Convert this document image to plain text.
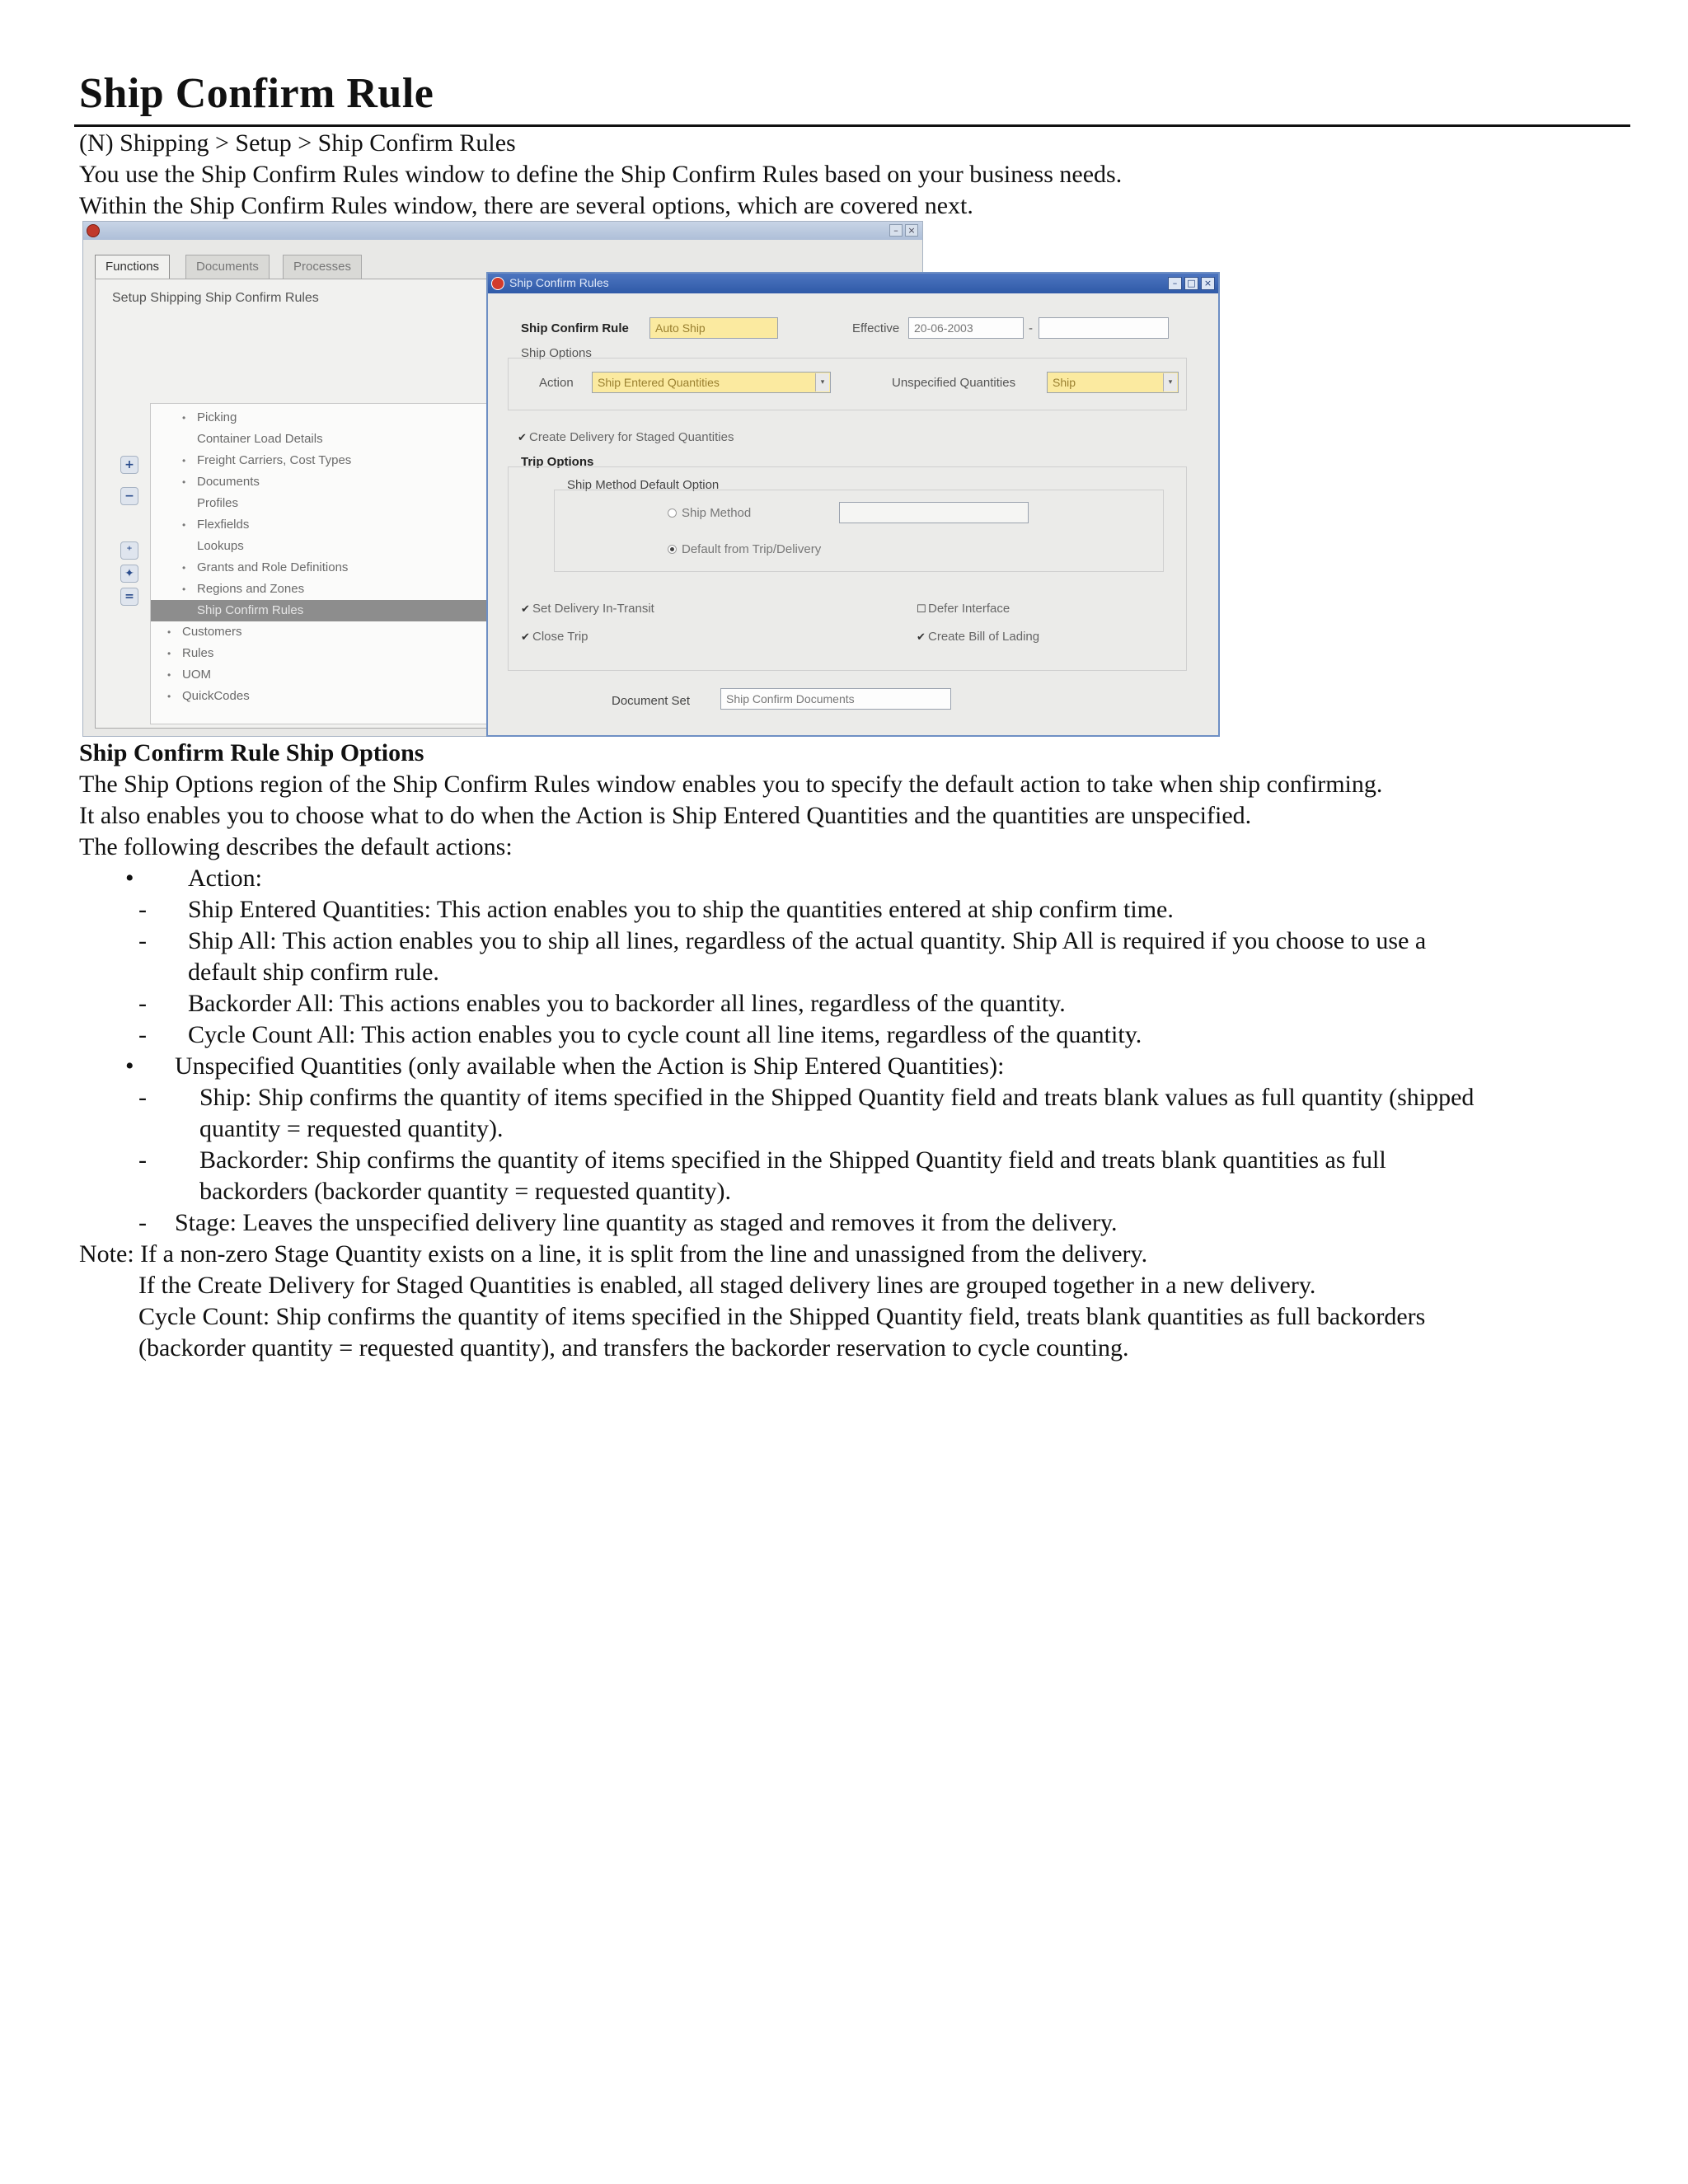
Ship Confirm Rule
(N) Shipping > Setup > Ship Confirm Rules
You use the Ship Confirm Rules window to define the Ship Confirm Rules based on your business needs.
Within the Ship Confirm Rules window, there are several options, which are covered next.
–	×
Functions	Documents	Processes
Setup Shipping Ship Confirm Rules
+
−
⁺
✦
=
• Picking
Container Load Details
• Freight Carriers, Cost Types
• Documents
Profiles
• Flexfields
Lookups
• Grants and Role Definitions
• Regions and Zones
Ship Confirm Rules
• Customers
• Rules
• UOM
• QuickCodes
Ship Confirm Rules	–	□ ×
Ship Confirm Rule	Auto Ship	Effective	20-06-2003	-
Ship Options
Action	Ship Entered Quantities	▾	Unspecified Quantities	Ship	▾
✔ Create Delivery for Staged Quantities
Trip Options
Ship Method Default Option
Ship Method
Default from Trip/Delivery
✔ Set Delivery In-Transit
✔ Close Trip
☐ Defer Interface
✔ Create Bill of Lading
Document Set	Ship Confirm Documents
Ship Confirm Rule Ship Options
The Ship Options region of the Ship Confirm Rules window enables you to specify the default action to take when ship confirming.
It also enables you to choose what to do when the Action is Ship Entered Quantities and the quantities are unspecified.
The following describes the default actions:
• Action:
- Ship Entered Quantities: This action enables you to ship the quantities entered at ship confirm time.
- Ship All: This action enables you to ship all lines, regardless of the actual quantity. Ship All is required if you choose to use a
default ship confirm rule.
- Backorder All: This actions enables you to backorder all lines, regardless of the quantity.
- Cycle Count All: This action enables you to cycle count all line items, regardless of the quantity.
• Unspecified Quantities (only available when the Action is Ship Entered Quantities):
- Ship: Ship confirms the quantity of items specified in the Shipped Quantity field and treats blank values as full quantity (shipped
quantity = requested quantity).
- Backorder: Ship confirms the quantity of items specified in the Shipped Quantity field and treats blank quantities as full
backorders (backorder quantity = requested quantity).
- Stage: Leaves the unspecified delivery line quantity as staged and removes it from the delivery.
Note: If a non-zero Stage Quantity exists on a line, it is split from the line and unassigned from the delivery.
If the Create Delivery for Staged Quantities is enabled, all staged delivery lines are grouped together in a new delivery.
Cycle Count: Ship confirms the quantity of items specified in the Shipped Quantity field, treats blank quantities as full backorders
(backorder quantity = requested quantity), and transfers the backorder reservation to cycle counting.
